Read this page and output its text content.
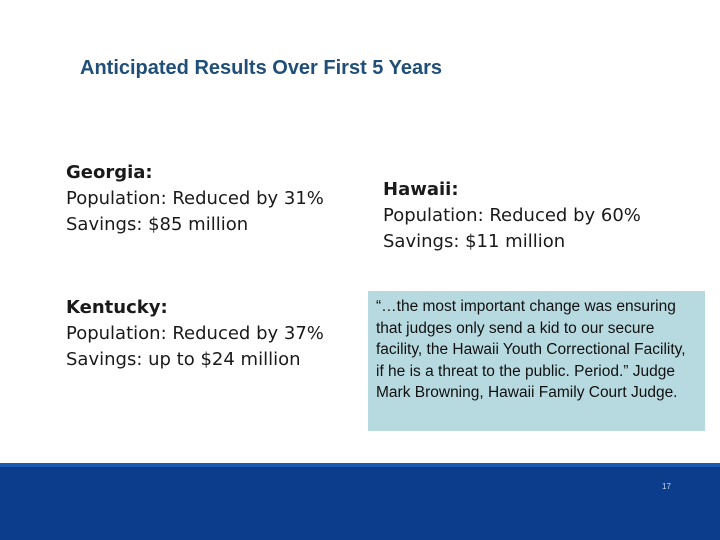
Anticipated Results Over First 5 Years
Georgia:
Population: Reduced by 31%
Savings: $85 million
Kentucky:
Population: Reduced by 37%
Savings: up to $24 million
Hawaii:
Population: Reduced by 60%
Savings: $11 million
“…the most important change was ensuring that judges only send a kid to our secure facility, the Hawaii Youth Correctional Facility, if he is a threat to the public. Period.” Judge Mark Browning, Hawaii Family Court Judge.
17
